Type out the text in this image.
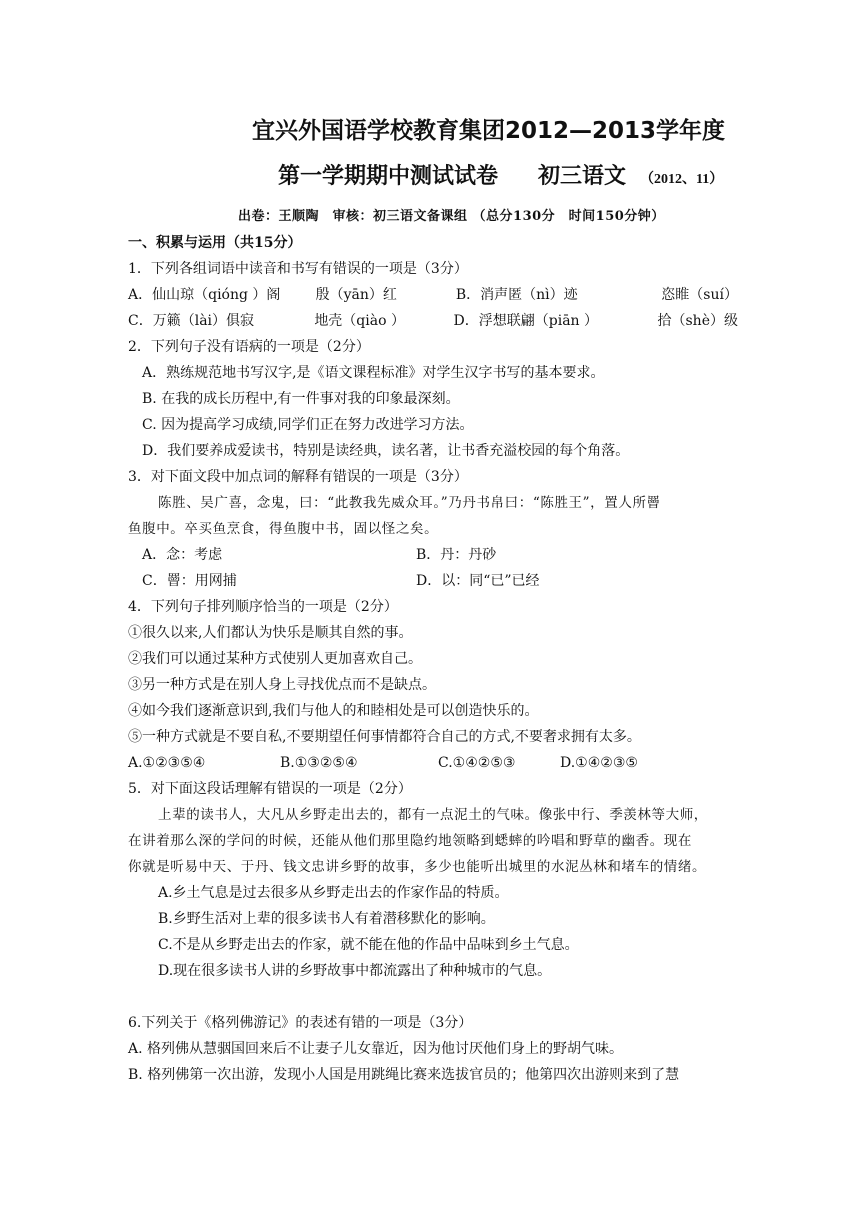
宜兴外国语学校教育集团2012—2013学年度
第一学期期中测试试卷 初三语文 （2012、11）
出卷：王顺陶　审核：初三语文备课组 （总分130分　时间150分钟）
一、积累与运用（共15分）
1．下列各组词语中读音和书写有错误的一项是（3分）
A．仙山琼（qióng ）阁	殷（yān）红	B．消声匿（nì）迹	恣睢（suí）
C．万籁（lài）俱寂	地壳（qiào ）	D．浮想联翩（piān ）	拾（shè）级
2．下列句子没有语病的一项是（2分）
A．熟练规范地书写汉字,是《语文课程标准》对学生汉字书写的基本要求。
B. 在我的成长历程中,有一件事对我的印象最深刻。
C. 因为提高学习成绩,同学们正在努力改进学习方法。
D．我们要养成爱读书，特别是读经典，读名著，让书香充溢校园的每个角落。
3．对下面文段中加点词的解释有错误的一项是（3分）
陈胜、吴广喜，念鬼，曰：“此教我先威众耳。”乃丹书帛曰：“陈胜王”，置人所罾
鱼腹中。卒买鱼烹食，得鱼腹中书，固以怪之矣。
A．念：考虑	B．丹：丹砂
C．罾：用网捕	D．以：同“已”已经
4．下列句子排列顺序恰当的一项是（2分）
①很久以来,人们都认为快乐是顺其自然的事。
②我们可以通过某种方式使别人更加喜欢自己。
③另一种方式是在别人身上寻找优点而不是缺点。
④如今我们逐渐意识到,我们与他人的和睦相处是可以创造快乐的。
⑤一种方式就是不要自私,不要期望任何事情都符合自己的方式,不要奢求拥有太多。
A.①②③⑤④	B.①③②⑤④	C.①④②⑤③	D.①④②③⑤
5．对下面这段话理解有错误的一项是（2分）
上辈的读书人，大凡从乡野走出去的，都有一点泥土的气味。像张中行、季羡林等大师，
在讲着那么深的学问的时候，还能从他们那里隐约地领略到蟋蟀的吟唱和野草的幽香。现在
你就是听易中天、于丹、钱文忠讲乡野的故事，多少也能听出城里的水泥丛林和堵车的情绪。
A.乡土气息是过去很多从乡野走出去的作家作品的特质。
B.乡野生活对上辈的很多读书人有着潜移默化的影响。
C.不是从乡野走出去的作家，就不能在他的作品中品味到乡土气息。
D.现在很多读书人讲的乡野故事中都流露出了种种城市的气息。
6.下列关于《格列佛游记》的表述有错的一项是（3分）
A. 格列佛从慧骃国回来后不让妻子儿女靠近，因为他讨厌他们身上的野胡气味。
B. 格列佛第一次出游，发现小人国是用跳绳比赛来选拔官员的；他第四次出游则来到了慧
